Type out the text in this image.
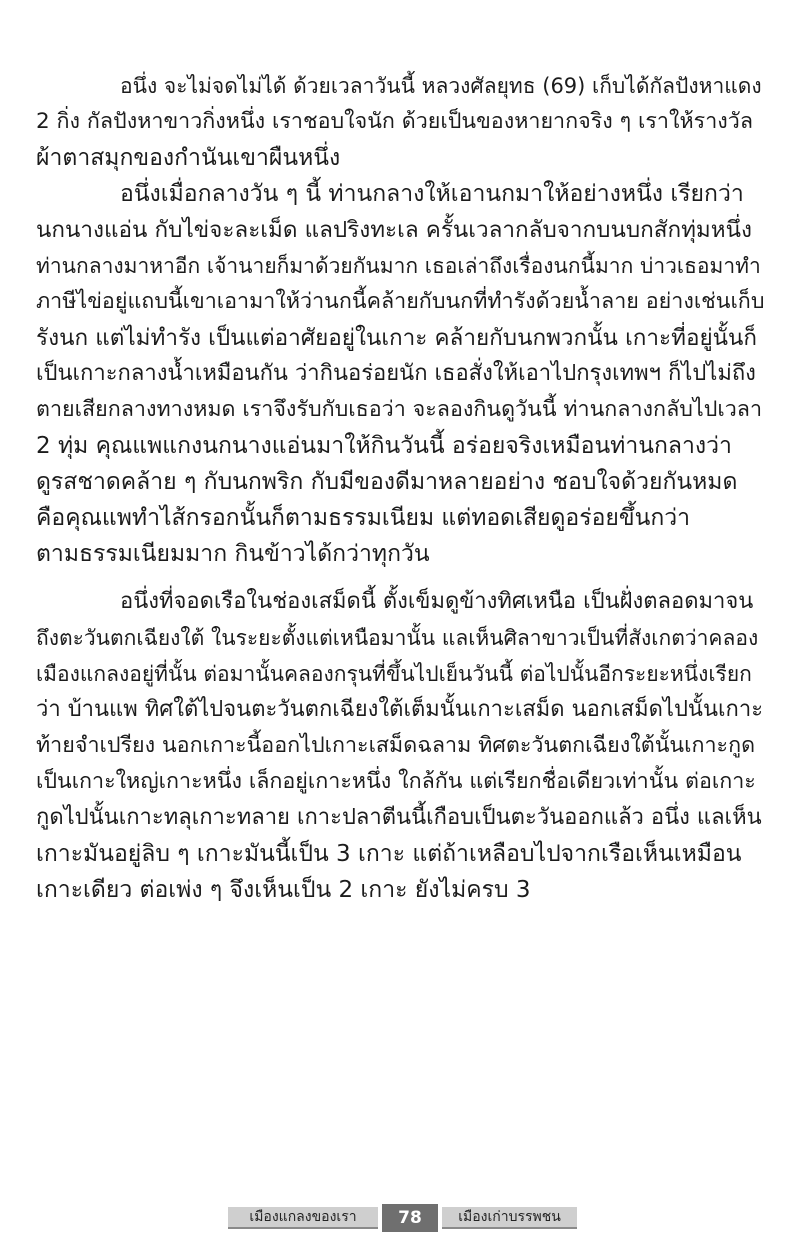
อนึ่ง จะไม่จดไม่ได้ ด้วยเวลาวันนี้ หลวงศัลยุทธ (69) เก็บได้กัลปังหาแดง
2 กิ่ง กัลปังหาขาวกิ่งหนึ่ง เราชอบใจนัก ด้วยเป็นของหายากจริง ๆ เราให้รางวัล
ผ้าตาสมุกของกำนันเขาผืนหนึ่ง
อนึ่งเมื่อกลางวัน ๆ นี้ ท่านกลางให้เอานกมาให้อย่างหนึ่ง เรียกว่า
นกนางแอ่น กับไข่จะละเม็ด แลปริงทะเล ครั้นเวลากลับจากบนบกสักทุ่มหนึ่ง
ท่านกลางมาหาอีก เจ้านายก็มาด้วยกันมาก เธอเล่าถึงเรื่องนกนี้มาก บ่าวเธอมาทำ
ภาษีไข่อยู่แถบนี้เขาเอามาให้ว่านกนี้คล้ายกับนกที่ทำรังด้วยน้ำลาย อย่างเช่นเก็บ
รังนก แต่ไม่ทำรัง เป็นแต่อาศัยอยู่ในเกาะ คล้ายกับนกพวกนั้น เกาะที่อยู่นั้นก็
เป็นเกาะกลางน้ำเหมือนกัน ว่ากินอร่อยนัก เธอสั่งให้เอาไปกรุงเทพฯ ก็ไปไม่ถึง
ตายเสียกลางทางหมด เราจึงรับกับเธอว่า จะลองกินดูวันนี้ ท่านกลางกลับไปเวลา
2 ทุ่ม คุณแพแกงนกนางแอ่นมาให้กินวันนี้ อร่อยจริงเหมือนท่านกลางว่า
ดูรสชาดคล้าย ๆ กับนกพริก กับมีของดีมาหลายอย่าง ชอบใจด้วยกันหมด
คือคุณแพทำไส้กรอกนั้นก็ตามธรรมเนียม แต่ทอดเสียดูอร่อยขึ้นกว่า
ตามธรรมเนียมมาก กินข้าวได้กว่าทุกวัน
อนึ่งที่จอดเรือในช่องเสม็ดนี้ ตั้งเข็มดูข้างทิศเหนือ เป็นฝั่งตลอดมาจน
ถึงตะวันตกเฉียงใต้ ในระยะตั้งแต่เหนือมานั้น แลเห็นศิลาขาวเป็นที่สังเกตว่าคลอง
เมืองแกลงอยู่ที่นั้น ต่อมานั้นคลองกรุนที่ขึ้นไปเย็นวันนี้ ต่อไปนั้นอีกระยะหนึ่งเรียก
ว่า บ้านแพ ทิศใต้ไปจนตะวันตกเฉียงใต้เต็มนั้นเกาะเสม็ด นอกเสม็ดไปนั้นเกาะ
ท้ายจำเปรียง นอกเกาะนี้ออกไปเกาะเสม็ดฉลาม ทิศตะวันตกเฉียงใต้นั้นเกาะกูด
เป็นเกาะใหญ่เกาะหนึ่ง เล็กอยู่เกาะหนึ่ง ใกล้กัน แต่เรียกชื่อเดียวเท่านั้น ต่อเกาะ
กูดไปนั้นเกาะทลุเกาะทลาย เกาะปลาตีนนี้เกือบเป็นตะวันออกแล้ว อนึ่ง แลเห็น
เกาะมันอยู่ลิบ ๆ เกาะมันนี้เป็น 3 เกาะ แต่ถ้าเหลือบไปจากเรือเห็นเหมือน
เกาะเดียว ต่อเพ่ง ๆ จึงเห็นเป็น 2 เกาะ ยังไม่ครบ 3
เมืองแกลงของเรา	78	เมืองเก่าบรรพชน
